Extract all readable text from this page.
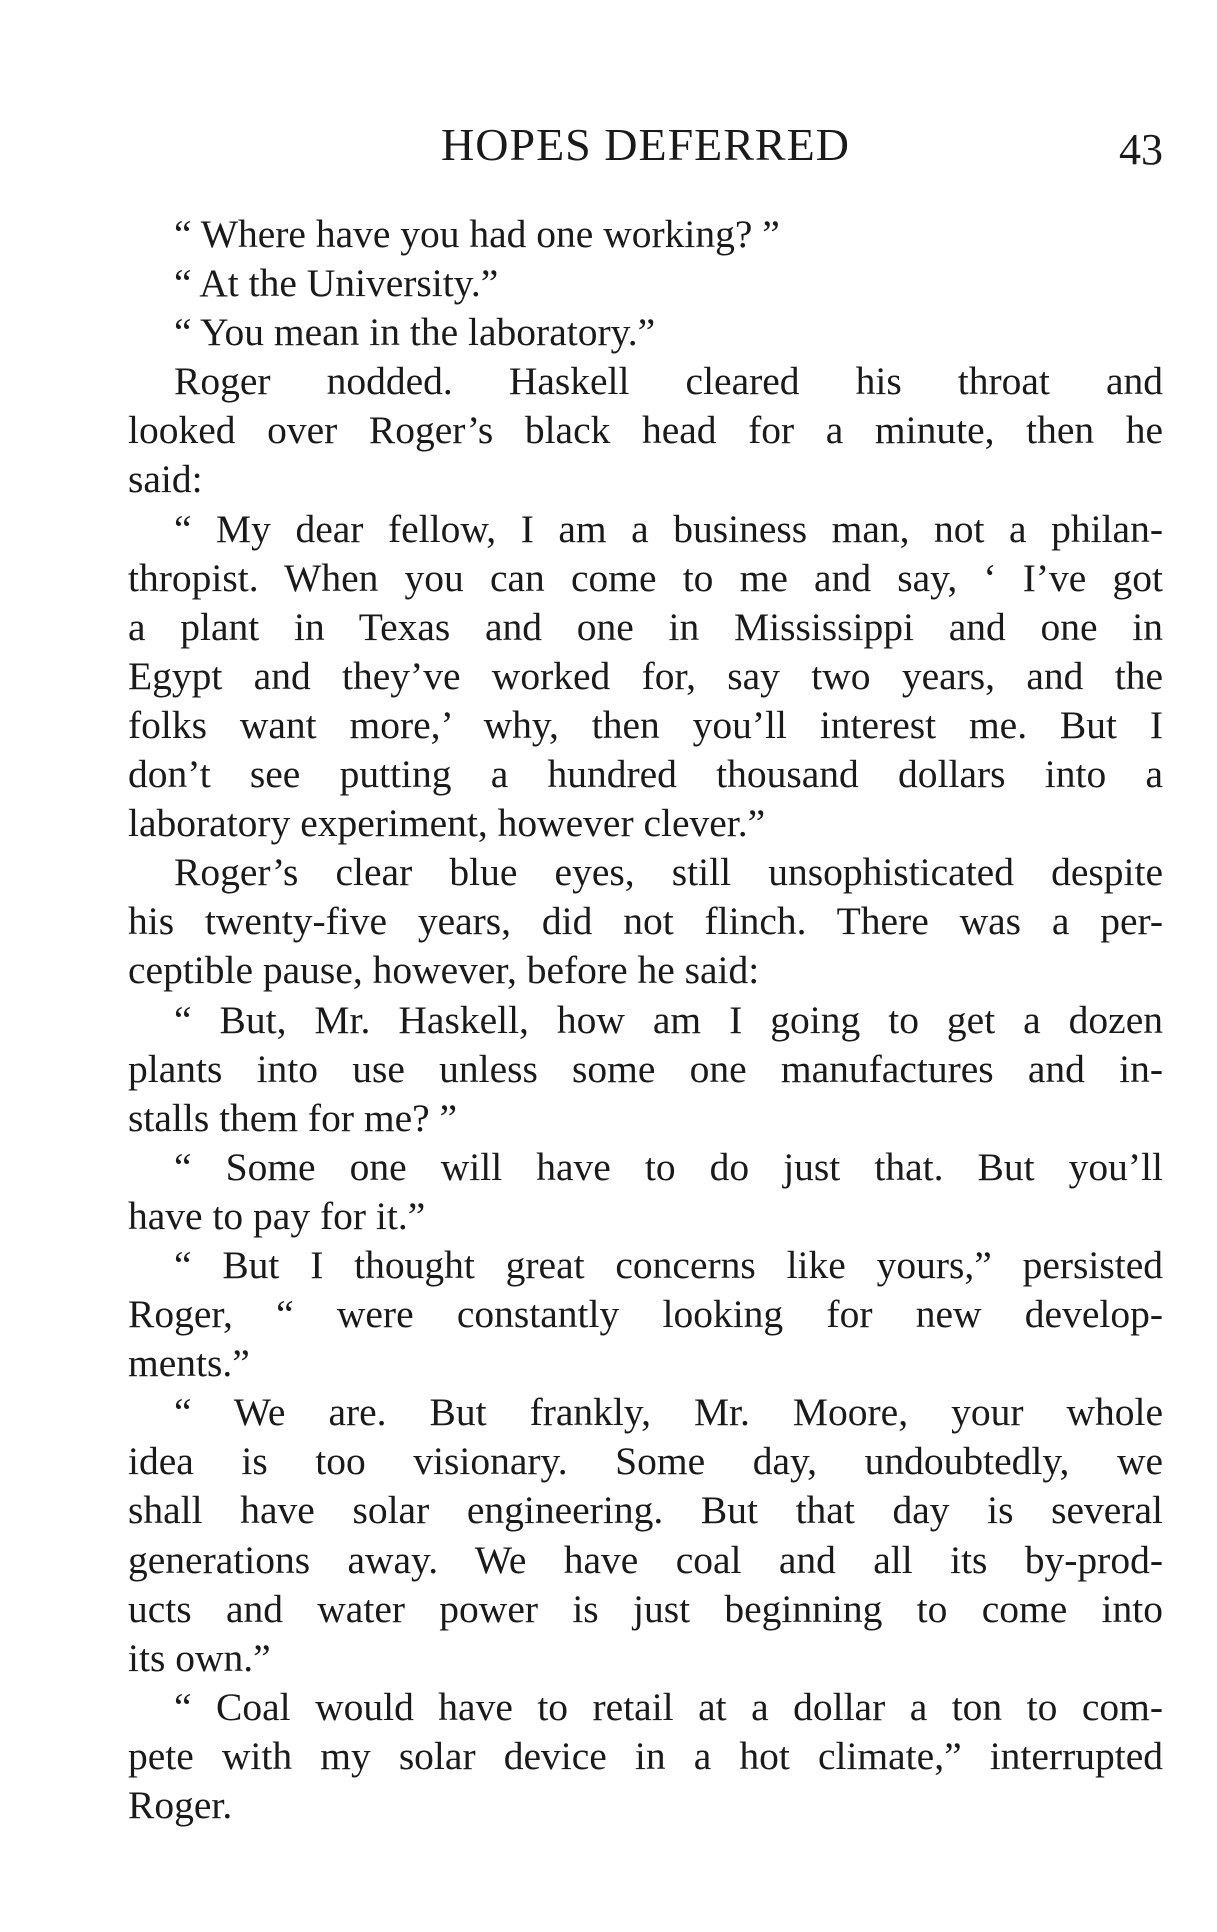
HOPES DEFERRED	43
“ Where have you had one working? ”
“ At the University.”
“ You mean in the laboratory.”
Roger nodded. Haskell cleared his throat and
looked over Roger’s black head for a minute, then he
said:
“ My dear fellow, I am a business man, not a philan-
thropist. When you can come to me and say, ‘ I’ve got
a plant in Texas and one in Mississippi and one in
Egypt and they’ve worked for, say two years, and the
folks want more,’ why, then you’ll interest me. But I
don’t see putting a hundred thousand dollars into a
laboratory experiment, however clever.”
Roger’s clear blue eyes, still unsophisticated despite
his twenty-five years, did not flinch. There was a per-
ceptible pause, however, before he said:
“ But, Mr. Haskell, how am I going to get a dozen
plants into use unless some one manufactures and in-
stalls them for me? ”
“ Some one will have to do just that. But you’ll
have to pay for it.”
“ But I thought great concerns like yours,” persisted
Roger, “ were constantly looking for new develop-
ments.”
“ We are. But frankly, Mr. Moore, your whole
idea is too visionary. Some day, undoubtedly, we
shall have solar engineering. But that day is several
generations away. We have coal and all its by-prod-
ucts and water power is just beginning to come into
its own.”
“ Coal would have to retail at a dollar a ton to com-
pete with my solar device in a hot climate,” interrupted
Roger.
